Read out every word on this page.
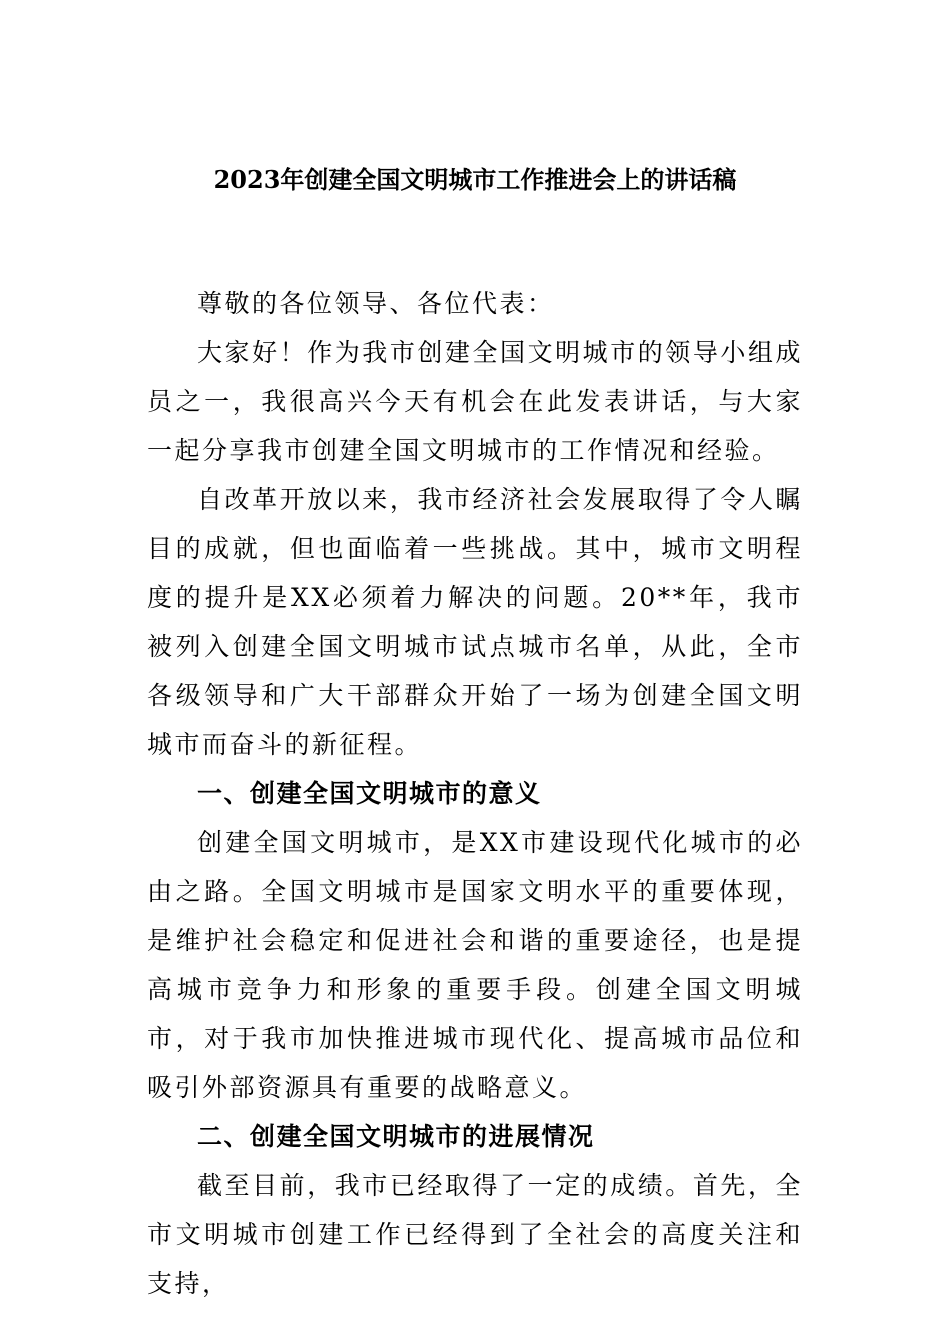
2023年创建全国文明城市工作推进会上的讲话稿

尊敬的各位领导、各位代表：

大家好！作为我市创建全国文明城市的领导小组成员之一，我很高兴今天有机会在此发表讲话，与大家一起分享我市创建全国文明城市的工作情况和经验。

自改革开放以来，我市经济社会发展取得了令人瞩目的成就，但也面临着一些挑战。其中，城市文明程度的提升是XX必须着力解决的问题。20**年，我市被列入创建全国文明城市试点城市名单，从此，全市各级领导和广大干部群众开始了一场为创建全国文明城市而奋斗的新征程。

一、创建全国文明城市的意义

创建全国文明城市，是XX市建设现代化城市的必由之路。全国文明城市是国家文明水平的重要体现，是维护社会稳定和促进社会和谐的重要途径，也是提高城市竞争力和形象的重要手段。创建全国文明城市，对于我市加快推进城市现代化、提高城市品位和吸引外部资源具有重要的战略意义。

二、创建全国文明城市的进展情况

截至目前，我市已经取得了一定的成绩。首先，全市文明城市创建工作已经得到了全社会的高度关注和支持，
